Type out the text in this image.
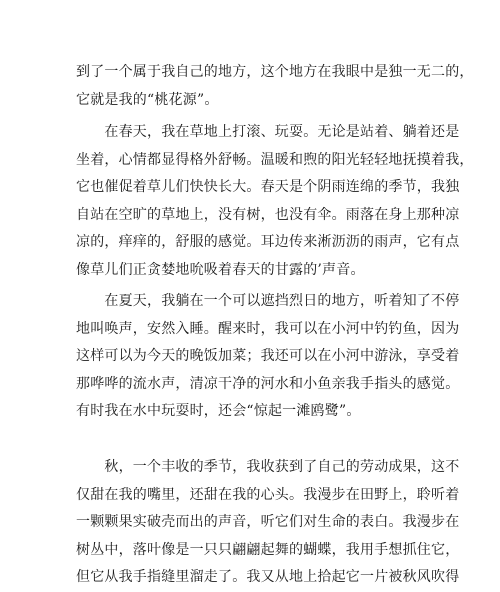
到了一个属于我自己的地方，这个地方在我眼中是独一无二的，
它就是我的“桃花源”。
　　在春天，我在草地上打滚、玩耍。无论是站着、躺着还是
坐着，心情都显得格外舒畅。温暖和煦的阳光轻轻地抚摸着我，
它也催促着草儿们快快长大。春天是个阴雨连绵的季节，我独
自站在空旷的草地上，没有树，也没有伞。雨落在身上那种凉
凉的，痒痒的，舒服的感觉。耳边传来淅沥沥的雨声，它有点
像草儿们正贪婪地吮吸着春天的甘露的’声音。
　　在夏天，我躺在一个可以遮挡烈日的地方，听着知了不停
地叫唤声，安然入睡。醒来时，我可以在小河中钓钓鱼，因为
这样可以为今天的晚饭加菜；我还可以在小河中游泳，享受着
那哗哗的流水声，清凉干净的河水和小鱼亲我手指头的感觉。
有时我在水中玩耍时，还会“惊起一滩鸥鹭”。
　　秋，一个丰收的季节，我收获到了自己的劳动成果，这不
仅甜在我的嘴里，还甜在我的心头。我漫步在田野上，聆听着
一颗颗果实破壳而出的声音，听它们对生命的表白。我漫步在
树丛中，落叶像是一只只翩翩起舞的蝴蝶，我用手想抓住它，
但它从我手指缝里溜走了。我又从地上拾起它一片被秋风吹得
